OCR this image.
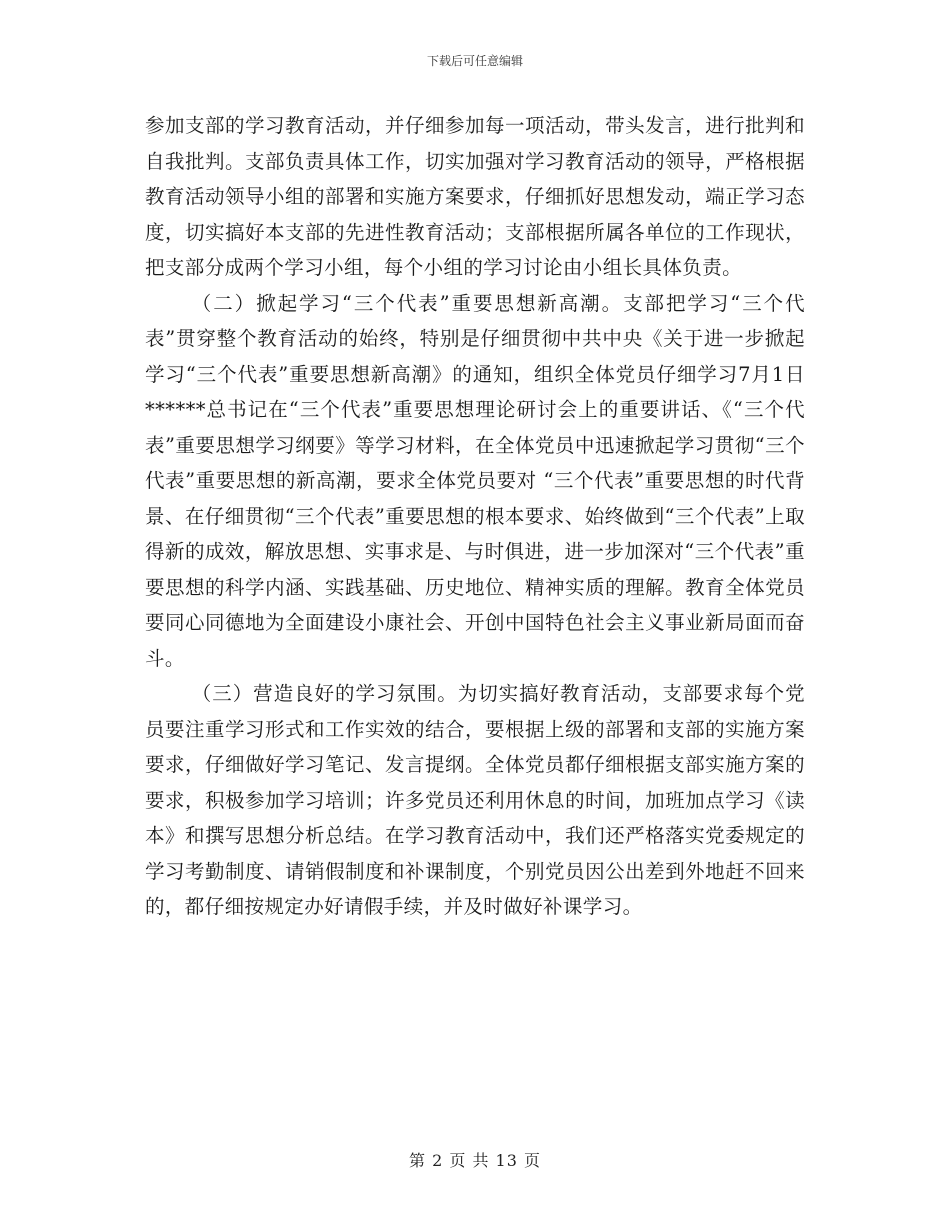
下载后可任意编辑

参加支部的学习教育活动，并仔细参加每一项活动，带头发言，进行批判和自我批判。支部负责具体工作，切实加强对学习教育活动的领导，严格根据教育活动领导小组的部署和实施方案要求，仔细抓好思想发动，端正学习态度，切实搞好本支部的先进性教育活动；支部根据所属各单位的工作现状，把支部分成两个学习小组，每个小组的学习讨论由小组长具体负责。

（二）掀起学习“三个代表”重要思想新高潮。支部把学习“三个代表”贯穿整个教育活动的始终，特别是仔细贯彻中共中央《关于进一步掀起学习“三个代表”重要思想新高潮》的通知，组织全体党员仔细学习7月1日******总书记在“三个代表”重要思想理论研讨会上的重要讲话、《“三个代表”重要思想学习纲要》等学习材料，在全体党员中迅速掀起学习贯彻“三个代表”重要思想的新高潮，要求全体党员要对 “三个代表”重要思想的时代背景、在仔细贯彻“三个代表”重要思想的根本要求、始终做到“三个代表”上取得新的成效，解放思想、实事求是、与时俱进，进一步加深对“三个代表”重要思想的科学内涵、实践基础、历史地位、精神实质的理解。教育全体党员要同心同德地为全面建设小康社会、开创中国特色社会主义事业新局面而奋斗。

（三）营造良好的学习氛围。为切实搞好教育活动，支部要求每个党员要注重学习形式和工作实效的结合，要根据上级的部署和支部的实施方案要求，仔细做好学习笔记、发言提纲。全体党员都仔细根据支部实施方案的要求，积极参加学习培训；许多党员还利用休息的时间，加班加点学习《读本》和撰写思想分析总结。在学习教育活动中，我们还严格落实党委规定的学习考勤制度、请销假制度和补课制度，个别党员因公出差到外地赶不回来的，都仔细按规定办好请假手续，并及时做好补课学习。

第 2 页 共 13 页
